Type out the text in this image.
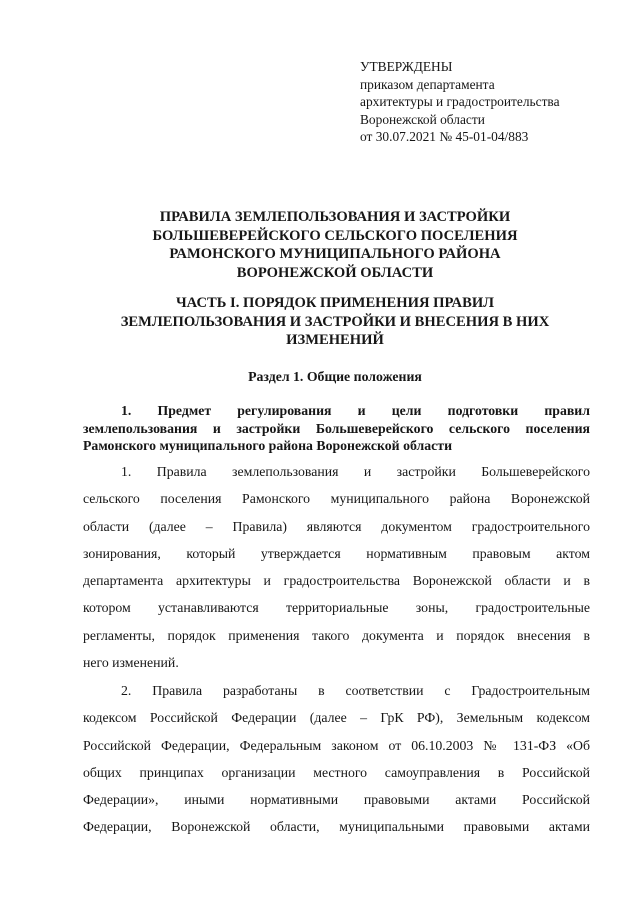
УТВЕРЖДЕНЫ
приказом департамента
архитектуры и градостроительства
Воронежской области
от 30.07.2021 № 45-01-04/883
ПРАВИЛА ЗЕМЛЕПОЛЬЗОВАНИЯ И ЗАСТРОЙКИ
БОЛЬШЕВЕРЕЙСКОГО СЕЛЬСКОГО ПОСЕЛЕНИЯ
РАМОНСКОГО МУНИЦИПАЛЬНОГО РАЙОНА
ВОРОНЕЖСКОЙ ОБЛАСТИ
ЧАСТЬ I. ПОРЯДОК ПРИМЕНЕНИЯ ПРАВИЛ
ЗЕМЛЕПОЛЬЗОВАНИЯ И ЗАСТРОЙКИ И ВНЕСЕНИЯ В НИХ
ИЗМЕНЕНИЙ
Раздел 1. Общие положения
1. Предмет регулирования и цели подготовки правил
землепользования и застройки Большеверейского сельского поселения
Рамонского муниципального района Воронежской области
1. Правила землепользования и застройки Большеверейского
сельского поселения Рамонского муниципального района Воронежской
области (далее – Правила) являются документом градостроительного
зонирования, который утверждается нормативным правовым актом
департамента архитектуры и градостроительства Воронежской области и в
котором устанавливаются территориальные зоны, градостроительные
регламенты, порядок применения такого документа и порядок внесения в
него изменений.
2. Правила разработаны в соответствии с Градостроительным
кодексом Российской Федерации (далее – ГрК РФ), Земельным кодексом
Российской Федерации, Федеральным законом от 06.10.2003 № 131-ФЗ «Об
общих принципах организации местного самоуправления в Российской
Федерации», иными нормативными правовыми актами Российской
Федерации, Воронежской области, муниципальными правовыми актами
